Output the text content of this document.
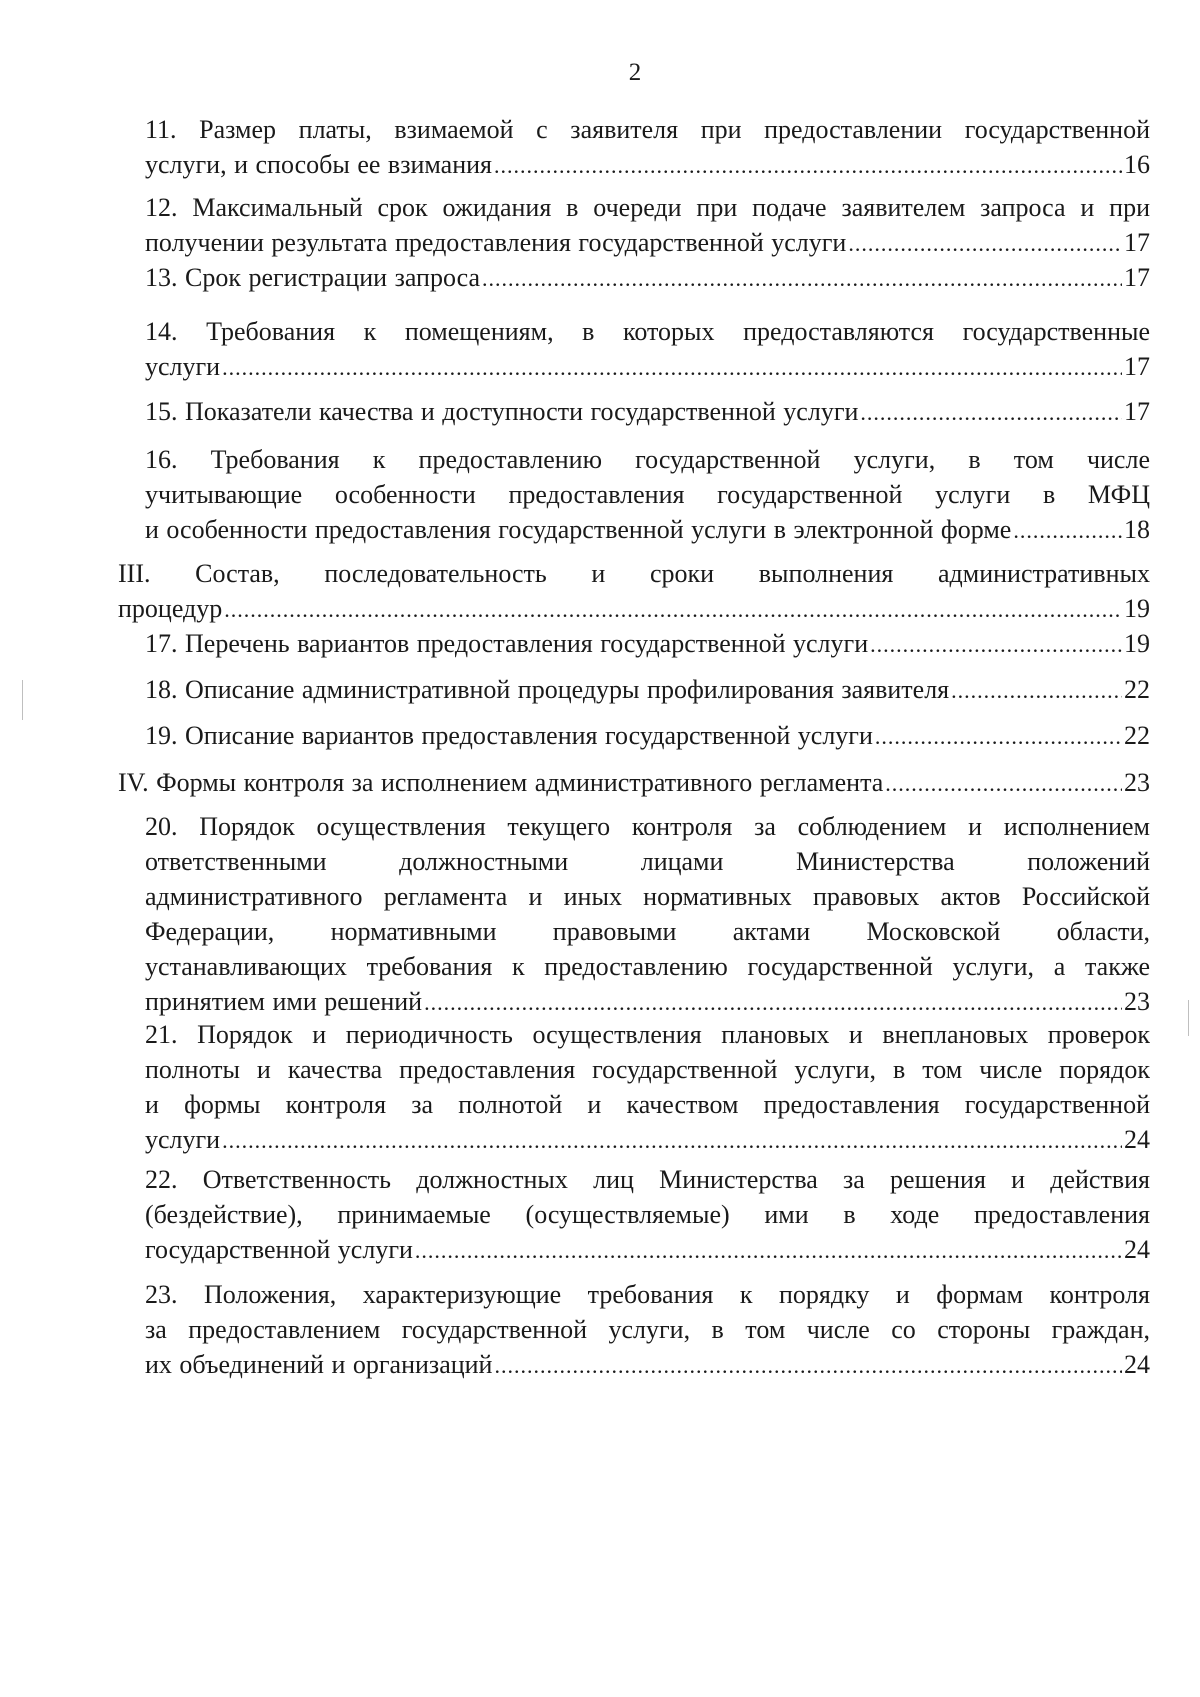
2
11. Размер платы, взимаемой с заявителя при предоставлении государственной
услуги, и способы ее взимания .....	16
12. Максимальный срок ожидания в очереди при подаче заявителем запроса и при
получении результата предоставления государственной услуги .....	17
13. Срок регистрации запроса .....	17
14. Требования к помещениям, в которых предоставляются государственные
услуги .....	17
15. Показатели качества и доступности государственной услуги .....	17
16. Требования к предоставлению государственной услуги, в том числе
учитывающие особенности предоставления государственной услуги в МФЦ
и особенности предоставления государственной услуги в электронной форме .....	18
III. Состав, последовательность и сроки выполнения административных
процедур .....	19
17. Перечень вариантов предоставления государственной услуги .....	19
18. Описание административной процедуры профилирования заявителя .....	22
19. Описание вариантов предоставления государственной услуги .....	22
IV. Формы контроля за исполнением административного регламента .....	23
20. Порядок осуществления текущего контроля за соблюдением и исполнением
ответственными должностными лицами Министерства положений
административного регламента и иных нормативных правовых актов Российской
Федерации, нормативными правовыми актами Московской области,
устанавливающих требования к предоставлению государственной услуги, а также
принятием ими решений .....	23
21. Порядок и периодичность осуществления плановых и внеплановых проверок
полноты и качества предоставления государственной услуги, в том числе порядок
и формы контроля за полнотой и качеством предоставления государственной
услуги .....	24
22. Ответственность должностных лиц Министерства за решения и действия
(бездействие), принимаемые (осуществляемые) ими в ходе предоставления
государственной услуги .....	24
23. Положения, характеризующие требования к порядку и формам контроля
за предоставлением государственной услуги, в том числе со стороны граждан,
их объединений и организаций .....	24
